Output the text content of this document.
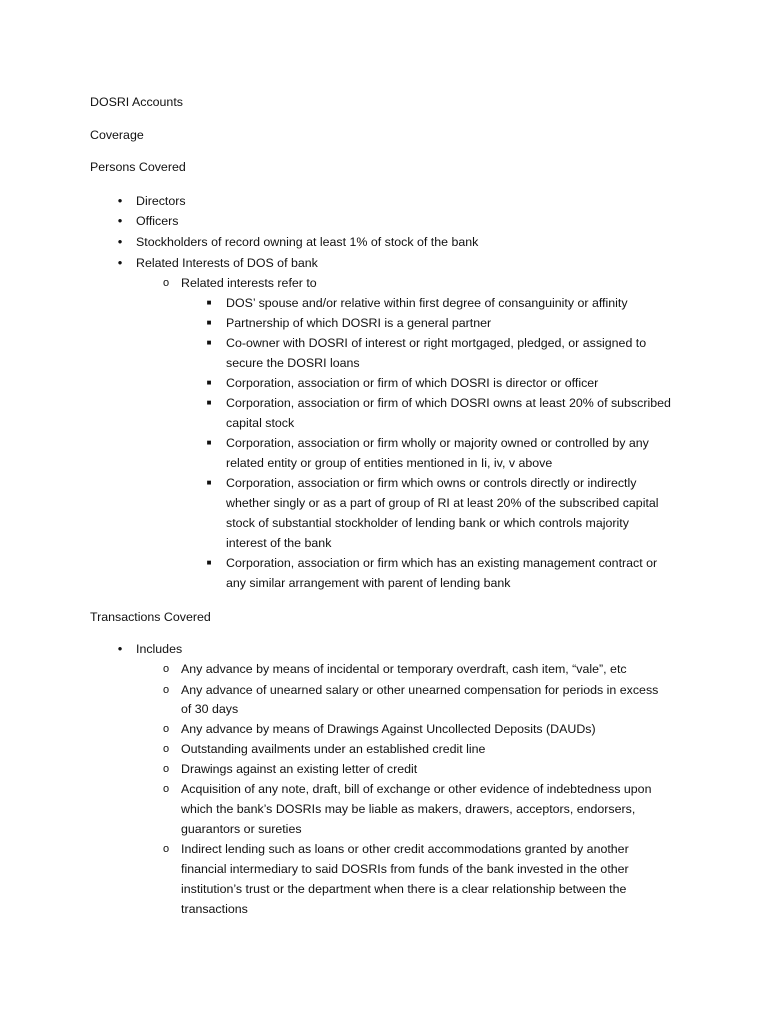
DOSRI Accounts
Coverage
Persons Covered
•	Directors
•	Officers
•	Stockholders of record owning at least 1% of stock of the bank
•	Related Interests of DOS of bank
o Related interests refer to
■	DOS’ spouse and/or relative within first degree of consanguinity or affinity
■	Partnership of which DOSRI is a general partner
■	Co-owner with DOSRI of interest or right mortgaged, pledged, or assigned to
secure the DOSRI loans
■	Corporation, association or firm of which DOSRI is director or officer
■	Corporation, association or firm of which DOSRI owns at least 20% of subscribed
capital stock
■	Corporation, association or firm wholly or majority owned or controlled by any
related entity or group of entities mentioned in Ii, iv, v above
■	Corporation, association or firm which owns or controls directly or indirectly
whether singly or as a part of group of RI at least 20% of the subscribed capital
stock of substantial stockholder of lending bank or which controls majority
interest of the bank
■	Corporation, association or firm which has an existing management contract or
any similar arrangement with parent of lending bank
Transactions Covered
•	Includes
o Any advance by means of incidental or temporary overdraft, cash item, “vale”, etc
o Any advance of unearned salary or other unearned compensation for periods in excess
of 30 days
o Any advance by means of Drawings Against Uncollected Deposits (DAUDs)
o Outstanding availments under an established credit line
o Drawings against an existing letter of credit
o Acquisition of any note, draft, bill of exchange or other evidence of indebtedness upon
which the bank’s DOSRIs may be liable as makers, drawers, acceptors, endorsers,
guarantors or sureties
o Indirect lending such as loans or other credit accommodations granted by another
financial intermediary to said DOSRIs from funds of the bank invested in the other
institution’s trust or the department when there is a clear relationship between the
transactions
